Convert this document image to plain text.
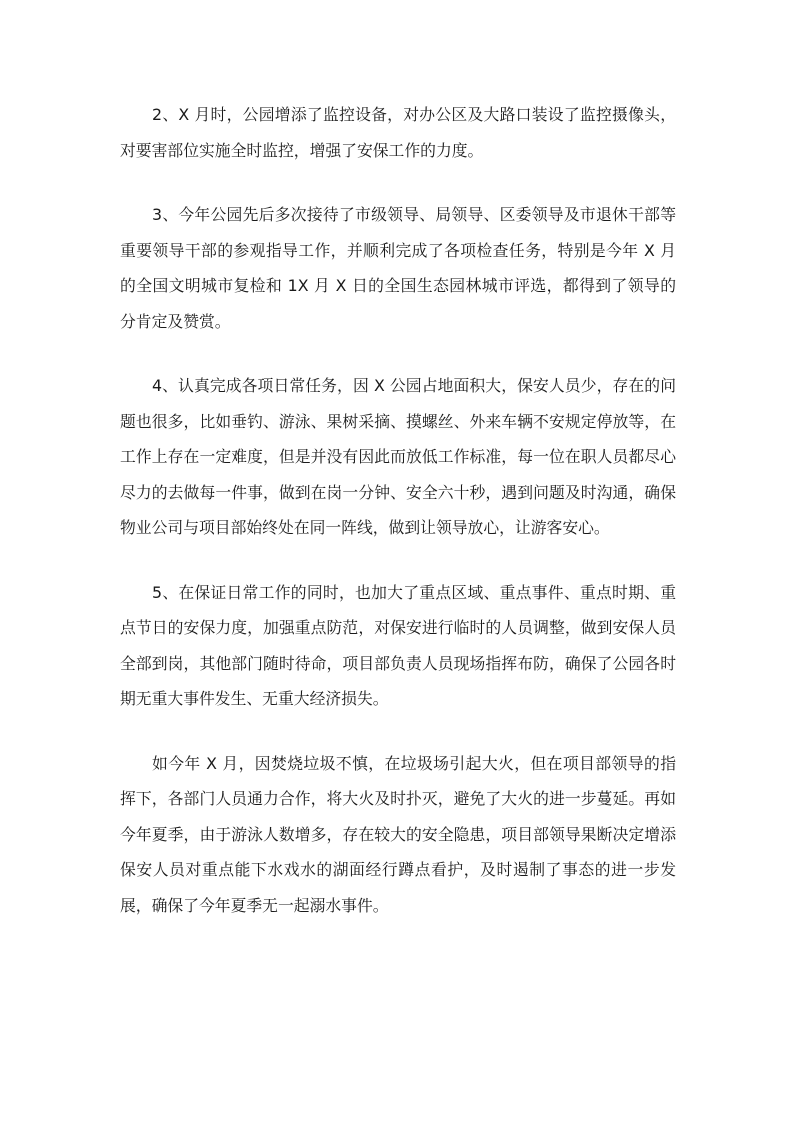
2、X 月时，公园增添了监控设备，对办公区及大路口装设了监控摄像头，
对要害部位实施全时监控，增强了安保工作的力度。
3、今年公园先后多次接待了市级领导、局领导、区委领导及市退休干部等
重要领导干部的参观指导工作，并顺利完成了各项检查任务，特别是今年 X 月
的全国文明城市复检和 1X 月 X 日的全国生态园林城市评选，都得到了领导的
分肯定及赞赏。
4、认真完成各项日常任务，因 X 公园占地面积大，保安人员少，存在的问
题也很多，比如垂钓、游泳、果树采摘、摸螺丝、外来车辆不安规定停放等，在
工作上存在一定难度，但是并没有因此而放低工作标准，每一位在职人员都尽心
尽力的去做每一件事，做到在岗一分钟、安全六十秒，遇到问题及时沟通，确保
物业公司与项目部始终处在同一阵线，做到让领导放心，让游客安心。
5、在保证日常工作的同时，也加大了重点区域、重点事件、重点时期、重
点节日的安保力度，加强重点防范，对保安进行临时的人员调整，做到安保人员
全部到岗，其他部门随时待命，项目部负责人员现场指挥布防，确保了公园各时
期无重大事件发生、无重大经济损失。
如今年 X 月，因焚烧垃圾不慎，在垃圾场引起大火，但在项目部领导的指
挥下，各部门人员通力合作，将大火及时扑灭，避免了大火的进一步蔓延。再如
今年夏季，由于游泳人数增多，存在较大的安全隐患，项目部领导果断决定增添
保安人员对重点能下水戏水的湖面经行蹲点看护，及时遏制了事态的进一步发
展，确保了今年夏季无一起溺水事件。
